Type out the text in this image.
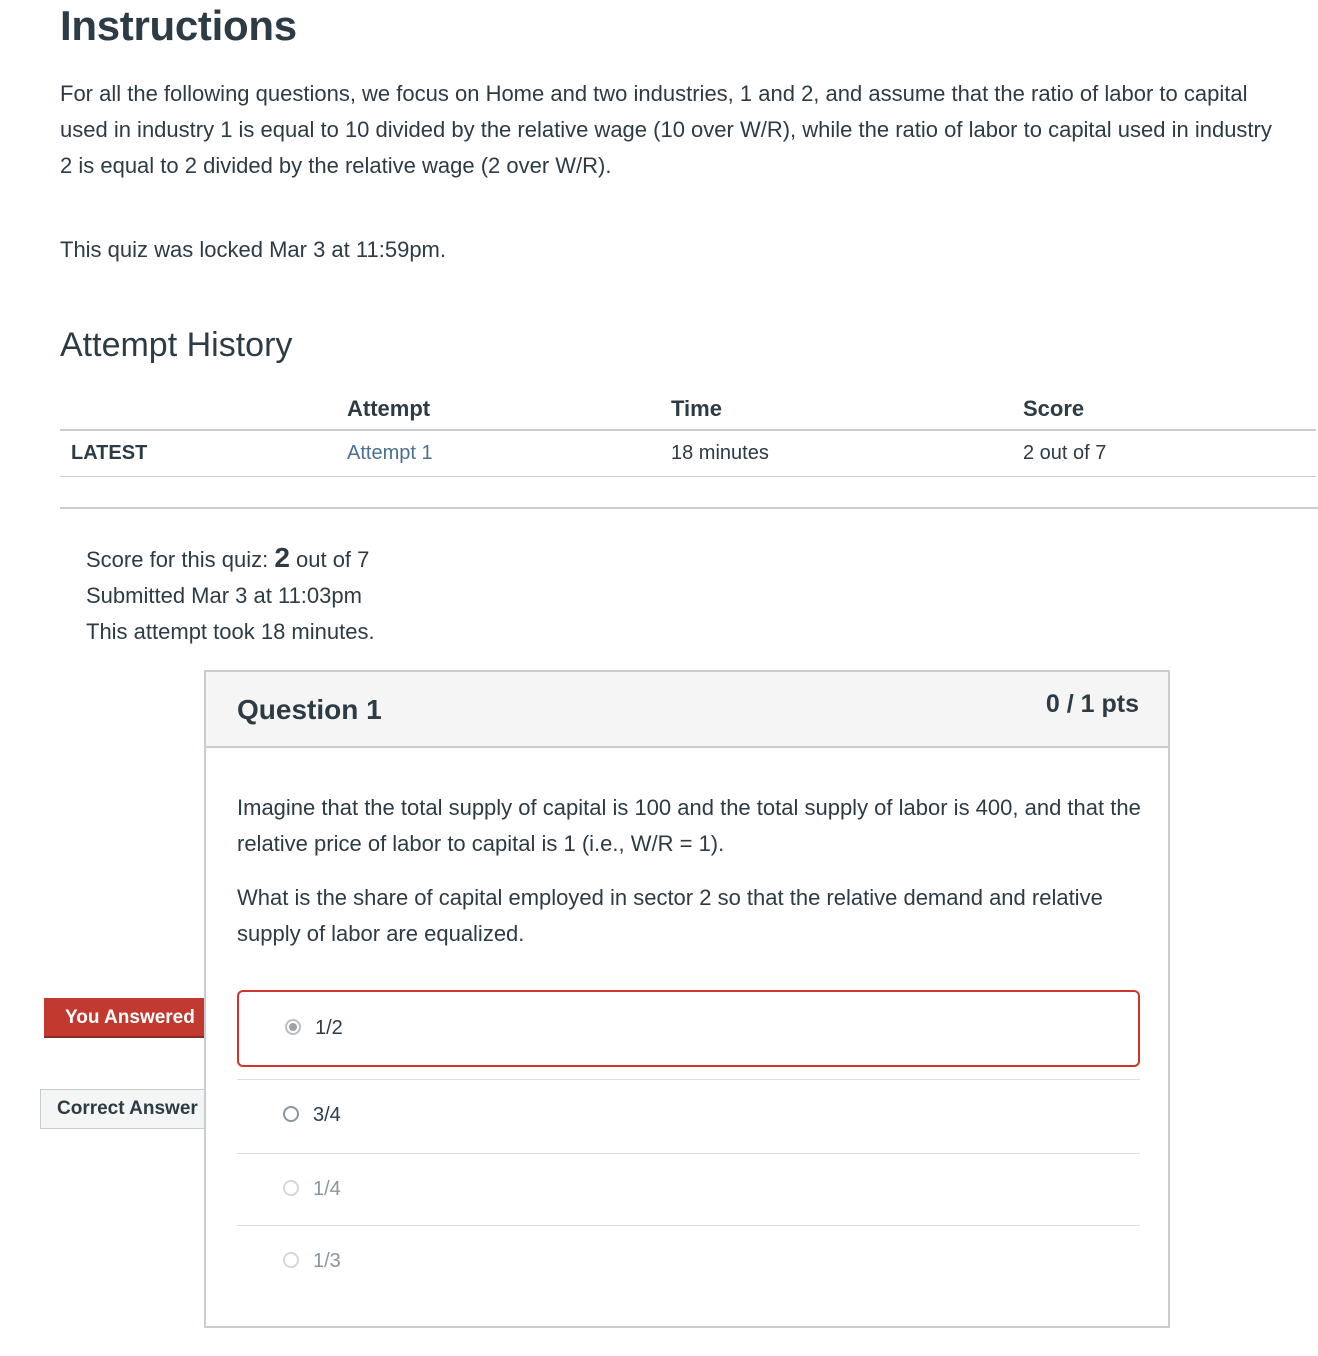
Instructions

For all the following questions, we focus on Home and two industries, 1 and 2, and assume that the ratio of labor to capital used in industry 1 is equal to 10 divided by the relative wage (10 over W/R), while the ratio of labor to capital used in industry 2 is equal to 2 divided by the relative wage (2 over W/R).

This quiz was locked Mar 3 at 11:59pm.

Attempt History
	Attempt	Time	Score
LATEST	Attempt 1	18 minutes	2 out of 7
Score for this quiz: 2 out of 7
Submitted Mar 3 at 11:03pm
This attempt took 18 minutes.
You Answered
Correct Answer
Question 1	0 / 1 pts

Imagine that the total supply of capital is 100 and the total supply of labor is 400, and that the relative price of labor to capital is 1 (i.e., W/R = 1).

What is the share of capital employed in sector 2 so that the relative demand and relative supply of labor are equalized.

1/2
3/4
1/4
1/3
